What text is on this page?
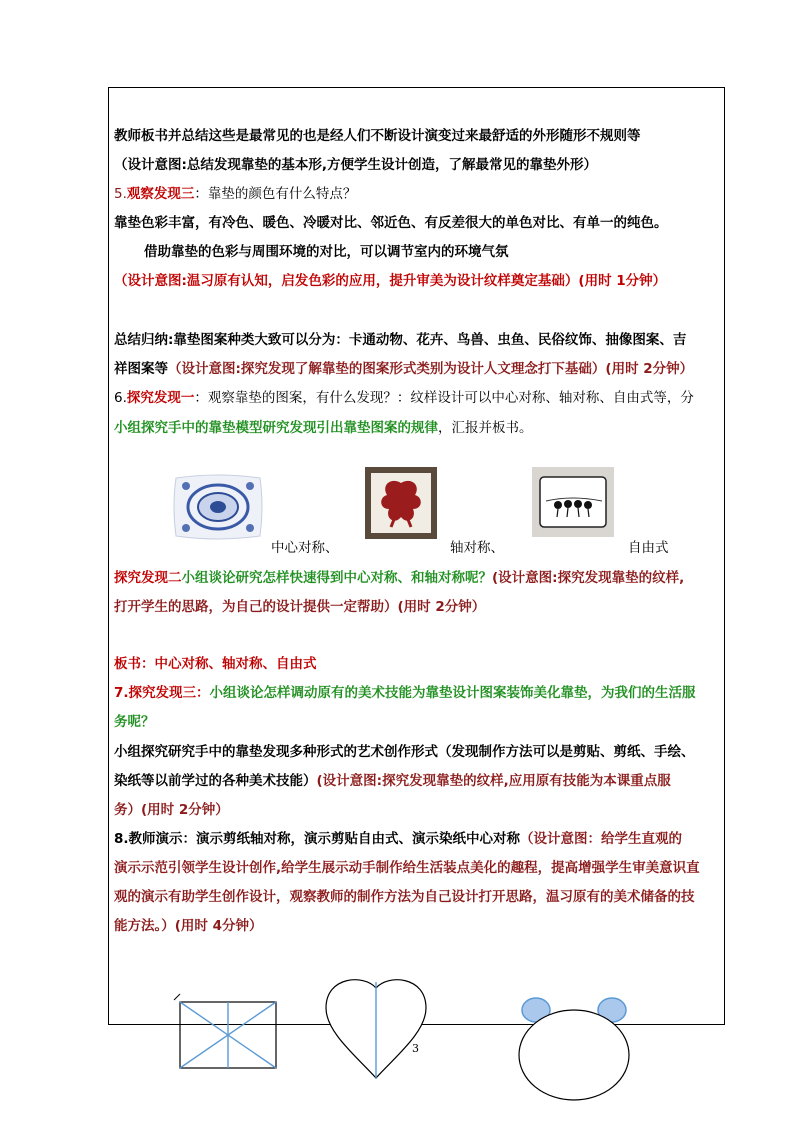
教师板书并总结这些是最常见的也是经人们不断设计演变过来最舒适的外形随形不规则等
（设计意图:总结发现靠垫的基本形,方便学生设计创造，了解最常见的靠垫外形）
5.观察发现三：靠垫的颜色有什么特点？
靠垫色彩丰富，有冷色、暖色、冷暖对比、邻近色、有反差很大的单色对比、有单一的纯色。
借助靠垫的色彩与周围环境的对比，可以调节室内的环境气氛
（设计意图:温习原有认知，启发色彩的应用，提升审美为设计纹样奠定基础）(用时 1分钟）
总结归纳:靠垫图案种类大致可以分为：卡通动物、花卉、鸟兽、虫鱼、民俗纹饰、抽像图案、吉
祥图案等（设计意图:探究发现了解靠垫的图案形式类别为设计人文理念打下基础）(用时 2分钟）
6.探究发现一：观察靠垫的图案，有什么发现？：纹样设计可以中心对称、轴对称、自由式等，分
小组探究手中的靠垫模型研究发现引出靠垫图案的规律，汇报并板书。
中心对称、	轴对称、	自由式
探究发现二小组谈论研究怎样快速得到中心对称、和轴对称呢？(设计意图:探究发现靠垫的纹样,
打开学生的思路，为自己的设计提供一定帮助）(用时 2分钟）
板书：中心对称、轴对称、自由式
7.探究发现三：小组谈论怎样调动原有的美术技能为靠垫设计图案装饰美化靠垫，为我们的生活服
务呢？
小组探究研究手中的靠垫发现多种形式的艺术创作形式（发现制作方法可以是剪贴、剪纸、手绘、
染纸等以前学过的各种美术技能）(设计意图:探究发现靠垫的纹样,应用原有技能为本课重点服
务）(用时 2分钟）
8.教师演示：演示剪纸轴对称，演示剪贴自由式、演示染纸中心对称（设计意图：给学生直观的
演示示范引领学生设计创作,给学生展示动手制作给生活装点美化的趣程，提高增强学生审美意识直
观的演示有助学生创作设计，观察教师的制作方法为自己设计打开思路，温习原有的美术储备的技
能方法。）(用时 4分钟）
3
